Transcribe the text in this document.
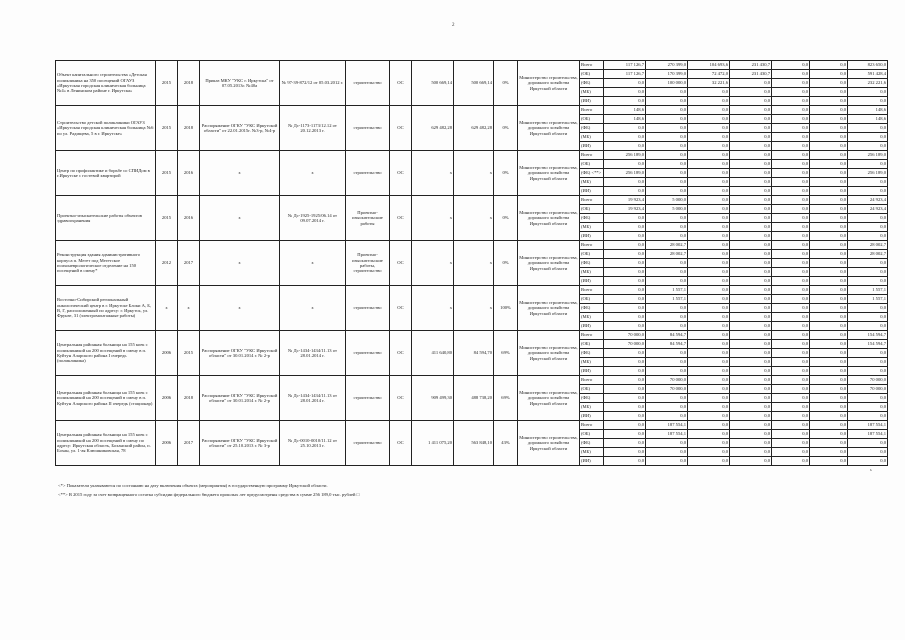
2
Объект капитального строительства «Детская поликлиника на 350 посещений ОГАУЗ «Иркутская городская клиническая больница №4» в Ленинском районе г. Иркутска»	2015	2018	Приказ МКУ "УКС г. Иркутска" от 07.05.2013г. №40а	№ 97-39-872/12 от 05.03.2012 г.	строительство	ОС	500 669,14	500 669,14	0%	Министерство строительства, дорожного хозяйства Иркутской области	Всего	117 126,7	270 399,0	104 693,6	231 430,7	0,0	0,0	823 650,0
											(ОБ)	117 126,7	170 399,0	72 472,0	231 430,7	0,0	0,0	591 428,4
											(ФБ)	0,0	100 000,0	32 221,6	0,0	0,0	0,0	232 221,6
											(МБ)	0,0	0,0	0,0	0,0	0,0	0,0	0,0
											(ИИ)	0,0	0,0	0,0	0,0	0,0	0,0	0,0
Строительство детской поликлиники ОГАУЗ «Иркутская городская клиническая больница №6 по ул. Радищева, 5 в г. Иркутске»	2015	2018	Распоряжение ОГКУ "УКС Иркутской области" от 22.01.2015г. №3-р, №4-р	№ Дс-1173-1173/12.12 от 20.12.2013 г.	строительство	ОС	629 482,28	629 482,28	0%	Министерство строительства, дорожного хозяйства Иркутской области	Всего	148,6	0,0	0,0	0,0	0,0	0,0	148,6
											(ОБ)	148,6	0,0	0,0	0,0	0,0	0,0	148,6
											(ФБ)	0,0	0,0	0,0	0,0	0,0	0,0	0,0
											(МБ)	0,0	0,0	0,0	0,0	0,0	0,0	0,0
											(ИИ)	0,0	0,0	0,0	0,0	0,0	0,0	0,0
Центр по профилактике и борьбе со СПИДом в г.Иркутске с гостевой квартирой	2015	2016	х	х	строительство	ОС	х	х	0%	Министерство строительства, дорожного хозяйства Иркутской области	Всего	256 189,0	0,0	0,0	0,0	0,0	0,0	256 189,0
											(ОБ)	0,0	0,0	0,0	0,0	0,0	0,0	0,0
											(ФБ) <**>	256 189,0	0,0	0,0	0,0	0,0	0,0	256 189,0
											(МБ)	0,0	0,0	0,0	0,0	0,0	0,0	0,0
											(ИИ)	0,0	0,0	0,0	0,0	0,0	0,0	0,0
Проектно-изыскательские работы объектов здравоохранения	2015	2016	х	№ Дс-1925-1925/06.14 от 09.07.2014 г.	Проектно-изыскательские работы	ОС	х	х	0%	Министерство строительства, дорожного хозяйства Иркутской области	Всего	19 923,4	5 000,0	0,0	0,0	0,0	0,0	24 923,4
											(ОБ)	19 923,4	5 000,0	0,0	0,0	0,0	0,0	24 923,4
											(ФБ)	0,0	0,0	0,0	0,0	0,0	0,0	0,0
											(МБ)	0,0	0,0	0,0	0,0	0,0	0,0	0,0
											(ИИ)	0,0	0,0	0,0	0,0	0,0	0,0	0,0
Реконструкция здания административного корпуса п. Мегет под Мегетское психоневрологическое отделение на 150 посещений в смену*	2012	2017	х	х	Проектно-изыскательские работы, строительство	ОС	х	х	0%	Министерство строительства, дорожного хозяйства Иркутской области	Всего	0,0	28 002,7	0,0	0,0	0,0	0,0	28 002,7
											(ОБ)	0,0	28 002,7	0,0	0,0	0,0	0,0	28 002,7
											(ФБ)	0,0	0,0	0,0	0,0	0,0	0,0	0,0
											(МБ)	0,0	0,0	0,0	0,0	0,0	0,0	0,0
											(ИИ)	0,0	0,0	0,0	0,0	0,0	0,0	0,0
Восточно-Сибирский региональный онкологический центр в г. Иркутске Блоки А, Б, В, Г, расположенный по адресу: г. Иркутск, ул. Фрунзе, 31 (электромонтажные работы)	х	х	х	х	строительство	ОС	х	х	100%	Министерство строительства, дорожного хозяйства Иркутской области	Всего	0,0	1 557,1	0,0	0,0	0,0	0,0	1 557,1
											(ОБ)	0,0	1 557,1	0,0	0,0	0,0	0,0	1 557,1
											(ФБ)	0,0	0,0	0,0	0,0	0,0	0,0	0,0
											(МБ)	0,0	0,0	0,0	0,0	0,0	0,0	0,0
											(ИИ)	0,0	0,0	0,0	0,0	0,0	0,0	0,0
Центральная районная больница на 155 коек с поликлиникой на 200 посещений в смену в п. Куйтун Аларского района I очередь (поликлиника)	2006	2015	Распоряжение ОГКУ "УКС Иркутской области" от 30.01.2014 г. № 2-р	№ Дс-1434-1434/11.13 от 28.01.2014 г.	строительство	ОС	411 640,80	84 594,70	69%	Министерство строительства, дорожного хозяйства Иркутской области	Всего	70 000,0	84 594,7	0,0	0,0	0,0	0,0	154 594,7
											(ОБ)	70 000,0	84 594,7	0,0	0,0	0,0	0,0	154 594,7
											(ФБ)	0,0	0,0	0,0	0,0	0,0	0,0	0,0
											(МБ)	0,0	0,0	0,0	0,0	0,0	0,0	0,0
											(ИИ)	0,0	0,0	0,0	0,0	0,0	0,0	0,0
Центральная районная больница на 155 коек с поликлиникой на 200 посещений в смену в п. Куйтун Аларского района II очередь (стационар)	2006	2018	Распоряжение ОГКУ "УКС Иркутской области" от 30.01.2014 г. № 2-р	№ Дс-1434-1434/11.13 от 28.01.2014 г.	строительство	ОС	909 499,30	488 738,20	69%	Министерство строительства, дорожного хозяйства Иркутской области	Всего	0,0	70 000,0	0,0	0,0	0,0	0,0	70 000,0
											(ОБ)	0,0	70 000,0	0,0	0,0	0,0	0,0	70 000,0
											(ФБ)	0,0	0,0	0,0	0,0	0,0	0,0	0,0
											(МБ)	0,0	0,0	0,0	0,0	0,0	0,0	0,0
											(ИИ)	0,0	0,0	0,0	0,0	0,0	0,0	0,0
Центральная районная больница на 155 коек с поликлиникой на 200 посещений в смену по адресу: Иркутская область, Боханский район, п. Бохан, ул. 1-ая Клюшниковская, 78	2006	2017	Распоряжение ОГКУ "УКС Иркутской области" от 25.10.2013 г. № 3-р	№ Дс-0010-0010/11.12 от 25.10.2013 г.	строительство	ОС	1 411 075,20	563 848,10	43%	Министерство строительства, дорожного хозяйства Иркутской области	Всего	0,0	187 554,1	0,0	0,0	0,0	0,0	187 554,1
											(ОБ)	0,0	187 554,1	0,0	0,0	0,0	0,0	187 554,1
											(ФБ)	0,0	0,0	0,0	0,0	0,0	0,0	0,0
											(МБ)	0,0	0,0	0,0	0,0	0,0	0,0	0,0
											(ИИ)	0,0	0,0	0,0	0,0	0,0	0,0	0,0
<*> Показатели указываются по состоянию на дату включения объекта (мероприятия) в государственную программу Иркутской области.
<**> В 2015 году за счет возвращенного остатка субсидии федерального бюджета прошлых лет предусмотрены средства в сумме 256 189,0 тыс. рублей □
ь
